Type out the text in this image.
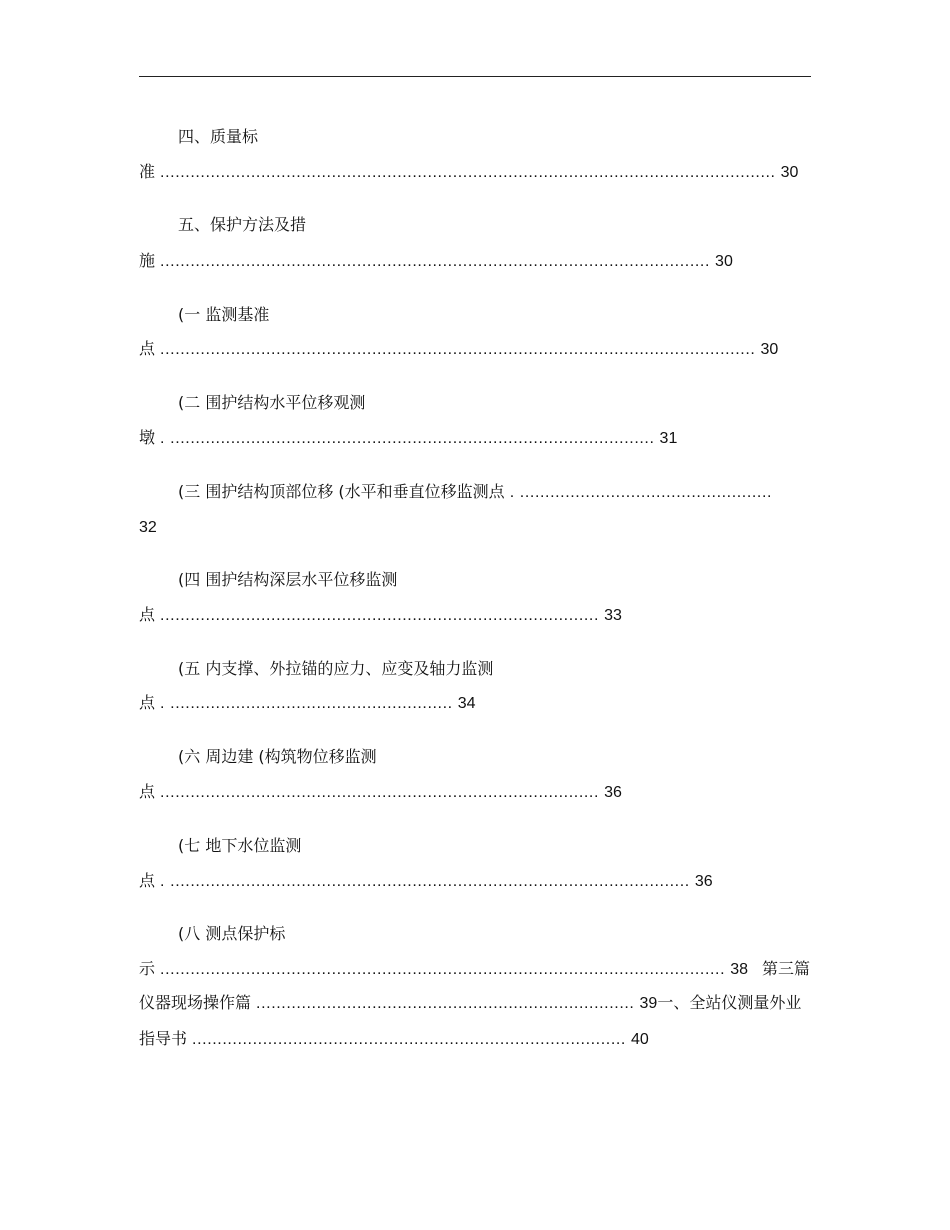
四、质量标
准 .......................................................................................................................... 30
五、保护方法及措
施 ............................................................................................................. 30
(一 监测基准
点 ...................................................................................................................... 30
(二 围护结构水平位移观测
墩 . ................................................................................................ 31
(三 围护结构顶部位移 (水平和垂直位移监测点 . ..................................................
32
(四 围护结构深层水平位移监测
点 ....................................................................................... 33
(五 内支撑、外拉锚的应力、应变及轴力监测
点 . ........................................................ 34
(六 周边建 (构筑物位移监测
点 ....................................................................................... 36
(七 地下水位监测
点 . ....................................................................................................... 36
(八 测点保护标
示 ................................................................................................................ 38 第三篇
仪器现场操作篇 ........................................................................... 39一、全站仪测量外业
指导书 ...................................................................................... 40
